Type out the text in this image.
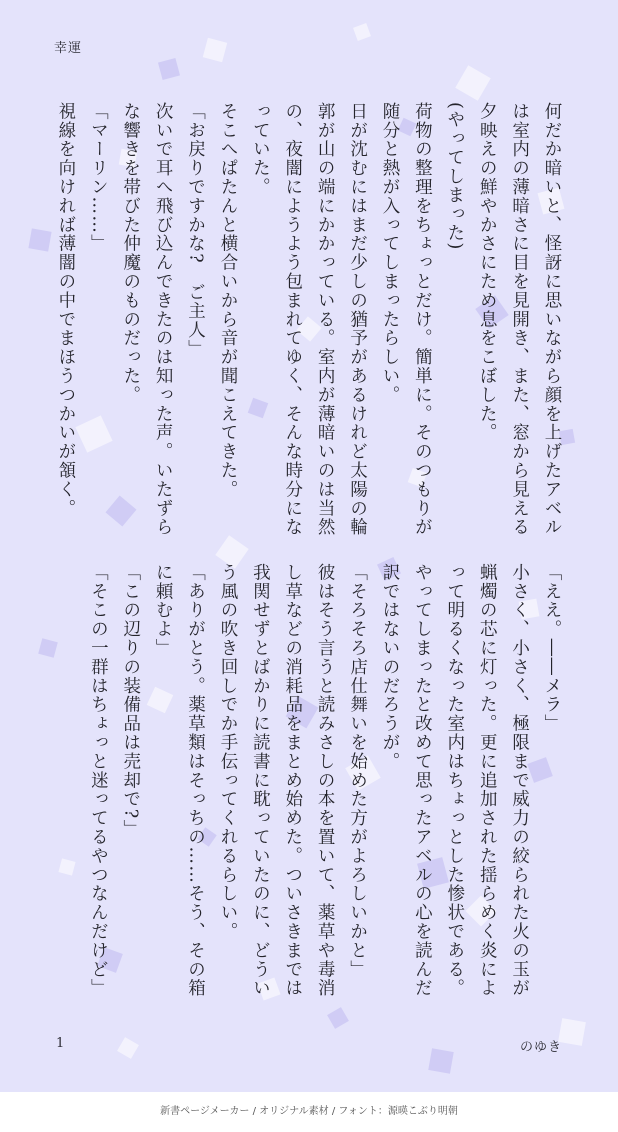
幸運

何だか暗いと、怪訝に思いながら顔を上げたアベルは室内の薄暗さに目を見開き、また、窓から見える夕映えの鮮やかさにため息をこぼした。

(やってしまった)

荷物の整理をちょっとだけ。簡単に。そのつもりが随分と熱が入ってしまったらしい。

日が沈むにはまだ少しの猶予があるけれど太陽の輪郭が山の端にかかっている。室内が薄暗いのは当然の、夜闇にようよう包まれてゆく、そんな時分になっていた。

そこへぱたんと横合いから音が聞こえてきた。

「お戻りですかな?　ご主人」

次いで耳へ飛び込んできたのは知った声。いたずらな響きを帯びた仲魔のものだった。

「マーリン……」

視線を向ければ薄闇の中でまほうつかいが頷く。

「ええ。――メラ」

小さく、小さく、極限まで威力の絞られた火の玉が蝋燭の芯に灯った。更に追加された揺らめく炎によって明るくなった室内はちょっとした惨状である。やってしまったと改めて思ったアベルの心を読んだ訳ではないのだろうが。

「そろそろ店仕舞いを始めた方がよろしいかと」

彼はそう言うと読みさしの本を置いて、薬草や毒消し草などの消耗品をまとめ始めた。ついさきまでは我関せずとばかりに読書に耽っていたのに、どういう風の吹き回しでか手伝ってくれるらしい。

「ありがとう。薬草類はそっちの……そう、その箱に頼むよ」

「この辺りの装備品は売却で?」

「そこの一群はちょっと迷ってるやつなんだけど」

1	のゆき
新書ページメーカー / オリジナル素材 / フォント：源暎こぶり明朝
